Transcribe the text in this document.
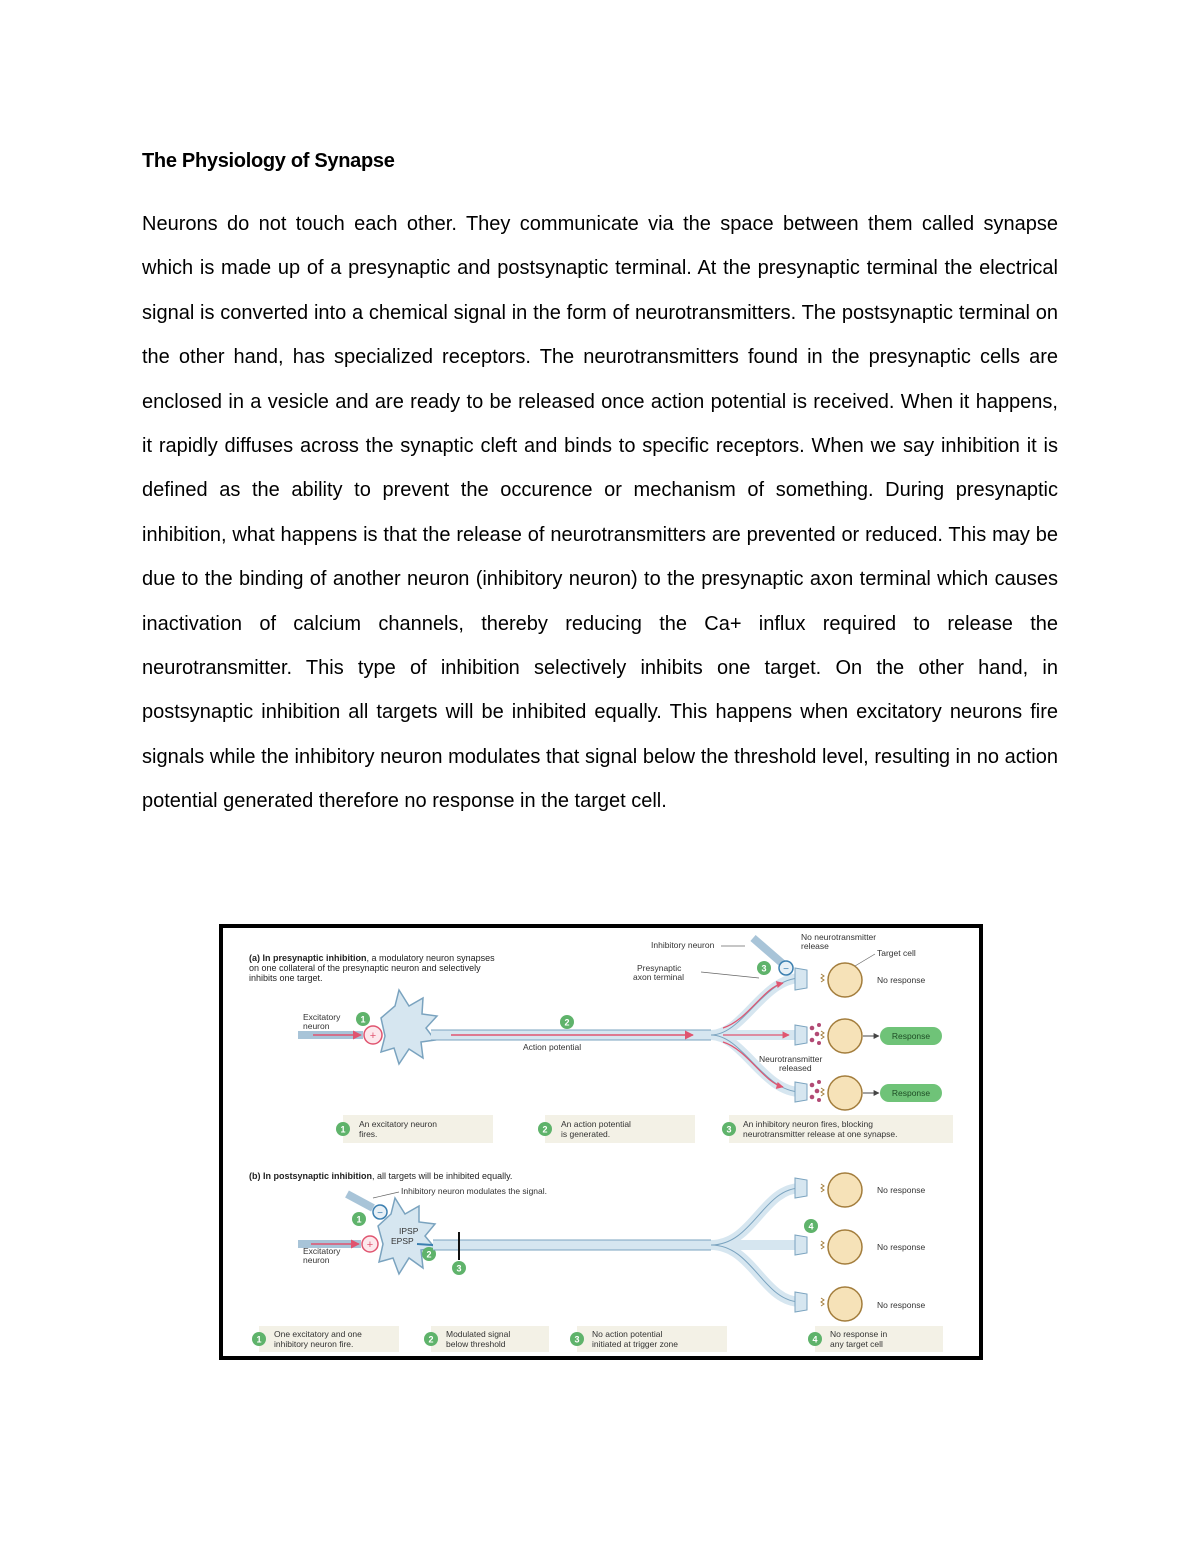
The Physiology of Synapse
Neurons do not touch each other. They communicate via the space between them called synapse which is made up of a presynaptic and postsynaptic terminal. At the presynaptic terminal the electrical signal is converted into a chemical signal in the form of neurotransmitters. The postsynaptic terminal on the other hand, has specialized receptors. The neurotransmitters found in the presynaptic cells are enclosed in a vesicle and are ready to be released once action potential is received. When it happens, it rapidly diffuses across the synaptic cleft and binds to specific receptors. When we say inhibition it is defined as the ability to prevent the occurence or mechanism of something. During presynaptic inhibition, what happens is that the release of neurotransmitters are prevented or reduced. This may be due to the binding of another neuron (inhibitory neuron) to the presynaptic axon terminal which causes inactivation of calcium channels, thereby reducing the Ca+ influx required to release the neurotransmitter. This type of inhibition selectively inhibits one target. On the other hand, in postsynaptic inhibition all targets will be inhibited equally. This happens when excitatory neurons fire signals while the inhibitory neuron modulates that signal below the threshold level, resulting in no action potential generated therefore no response in the target cell.
(a) In presynaptic inhibition, a modulatory neuron synapses
on one collateral of the presynaptic neuron and selectively
inhibits one target.
+
−
3
Inhibitory neuron
No neurotransmitter
release
Presynaptic
axon terminal
Excitatory
neuron
1	2
Action potential
Neurotransmitter
released
Target cell
No response
Response
Response
1
An excitatory neuron
fires.	2
An action potential
is generated.	3
An inhibitory neuron fires, blocking
neurotransmitter release at one synapse.
(b) In postsynaptic inhibition, all targets will be inhibited equally.
Inhibitory neuron modulates the signal.
−
1
+
Excitatory
neuron
IPSP
EPSP
2
3
4
No response
No response
No response
1
One excitatory and one
inhibitory neuron fire.	2
Modulated signal
below threshold	3
No action potential
initiated at trigger zone	4
No response in
any target cell
